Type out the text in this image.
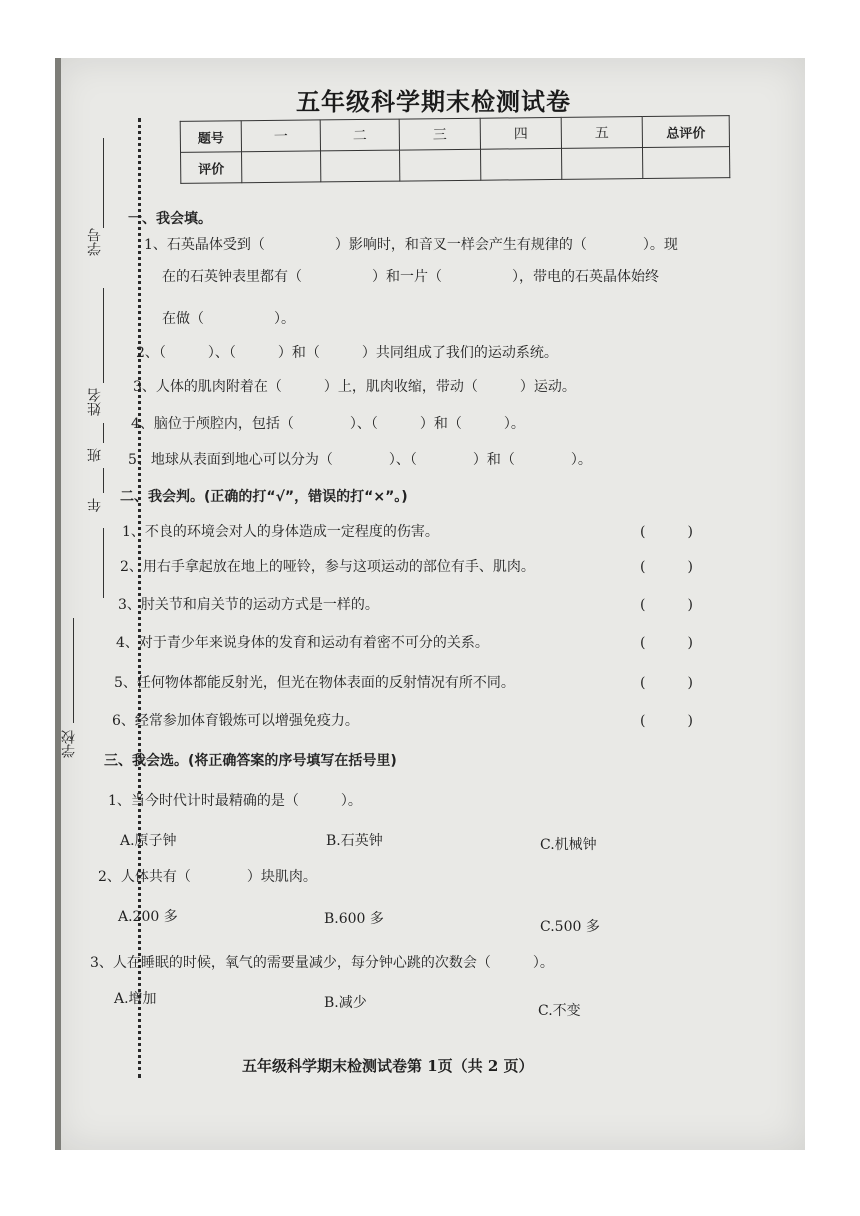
学号
姓名
班
年
学校
五年级科学期末检测试卷
题号	一	二	三	四	五	总评价
评价						
一、我会填。
1、石英晶体受到（　　　　　）影响时，和音叉一样会产生有规律的（　　　　）。现
在的石英钟表里都有（　　　　　）和一片（　　　　　），带电的石英晶体始终
在做（　　　　　）。
2、（　　　）、（　　　）和（　　　）共同组成了我们的运动系统。
3、人体的肌肉附着在（　　　）上，肌肉收缩，带动（　　　）运动。
4、脑位于颅腔内，包括（　　　　）、（　　　）和（　　　）。
5、地球从表面到地心可以分为（　　　　）、（　　　　）和（　　　　）。
二、我会判。(正确的打“√”，错误的打“×”。)
1、不良的环境会对人的身体造成一定程度的伤害。	(　　　)
2、用右手拿起放在地上的哑铃，参与这项运动的部位有手、肌肉。	(　　　)
3、肘关节和肩关节的运动方式是一样的。	(　　　)
4、对于青少年来说身体的发育和运动有着密不可分的关系。	(　　　)
5、任何物体都能反射光，但光在物体表面的反射情况有所不同。	(　　　)
6、经常参加体育锻炼可以增强免疫力。	(　　　)
三、我会选。(将正确答案的序号填写在括号里)
1、当今时代计时最精确的是（　　　）。
A.原子钟	B.石英钟	C.机械钟
2、人体共有（　　　　）块肌肉。
A.200 多	B.600 多	C.500 多
3、人在睡眠的时候，氧气的需要量减少，每分钟心跳的次数会（　　　）。
A.增加	B.减少	C.不变
五年级科学期末检测试卷第 1页（共 2 页）
